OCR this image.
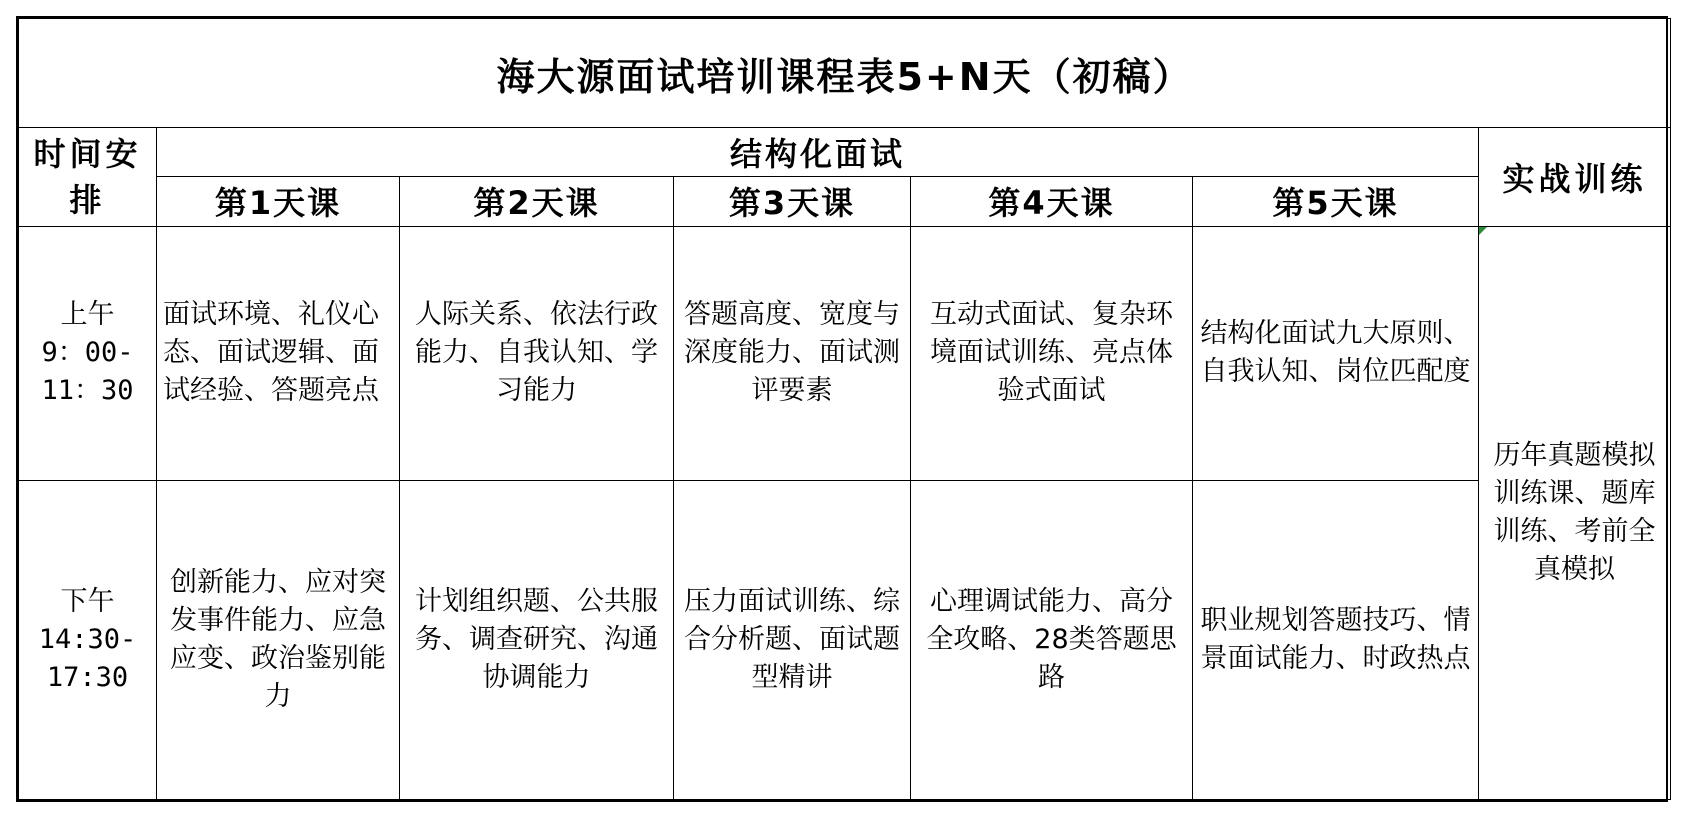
海大源面试培训课程表5+N天（初稿）						
时间安排	结构化面试					实战训练
	第1天课	第2天课	第3天课	第4天课	第5天课	

上午
9：00-11：30	面试环境、礼仪心态、面试逻辑、面试经验、答题亮点	人际关系、依法行政能力、自我认知、学习能力	答题高度、宽度与深度能力、面试测评要素	互动式面试、复杂环境面试训练、亮点体验式面试	结构化面试九大原则、自我认知、岗位匹配度	历年真题模拟训练课、题库训练、考前全真模拟

下午
14:30-17:30	创新能力、应对突发事件能力、应急应变、政治鉴别能力	计划组织题、公共服务、调查研究、沟通协调能力	压力面试训练、综合分析题、面试题型精讲	心理调试能力、高分全攻略、28类答题思路	职业规划答题技巧、情景面试能力、时政热点	
